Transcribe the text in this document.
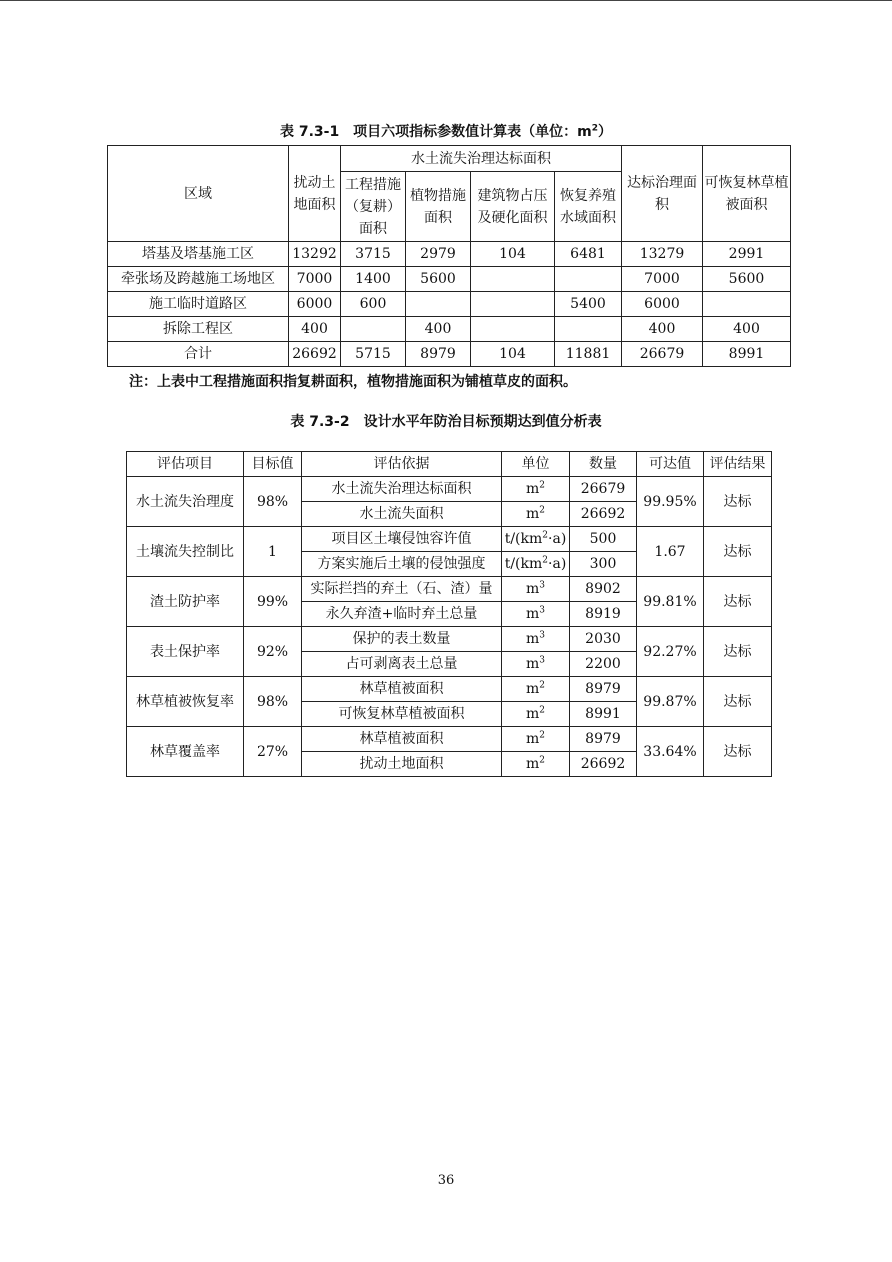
表 7.3-1　项目六项指标参数值计算表（单位：$m^2$）
区域	扰动土地面积	水土流失治理达标面积				达标治理面积	可恢复林草植被面积
		工程措施（复耕）面积	植物措施面积	建筑物占压及硬化面积	恢复养殖水域面积		
塔基及塔基施工区	13292	3715	2979	104	6481	13279	2991
牵张场及跨越施工场地区	7000	1400	5600			7000	5600
施工临时道路区	6000	600			5400	6000	
拆除工程区	400		400			400	400
合计	26692	5715	8979	104	11881	26679	8991
注：上表中工程措施面积指复耕面积，植物措施面积为铺植草皮的面积。
表 7.3-2　设计水平年防治目标预期达到值分析表
评估项目	目标值	评估依据	单位	数量	可达值	评估结果
水土流失治理度	98%	水土流失治理达标面积	$m^2$	26679	99.95%	达标
		水土流失面积	$m^2$	26692		
土壤流失控制比	1	项目区土壤侵蚀容许值	$t/(km^2\cdot a)$	500	1.67	达标
		方案实施后土壤的侵蚀强度	$t/(km^2\cdot a)$	300		
渣土防护率	99%	实际拦挡的弃土（石、渣）量	$m^3$	8902	99.81%	达标
		永久弃渣+临时弃土总量	$m^3$	8919		
表土保护率	92%	保护的表土数量	$m^3$	2030	92.27%	达标
		占可剥离表土总量	$m^3$	2200		
林草植被恢复率	98%	林草植被面积	$m^2$	8979	99.87%	达标
		可恢复林草植被面积	$m^2$	8991		
林草覆盖率	27%	林草植被面积	$m^2$	8979	33.64%	达标
		扰动土地面积	$m^2$	26692		
36
